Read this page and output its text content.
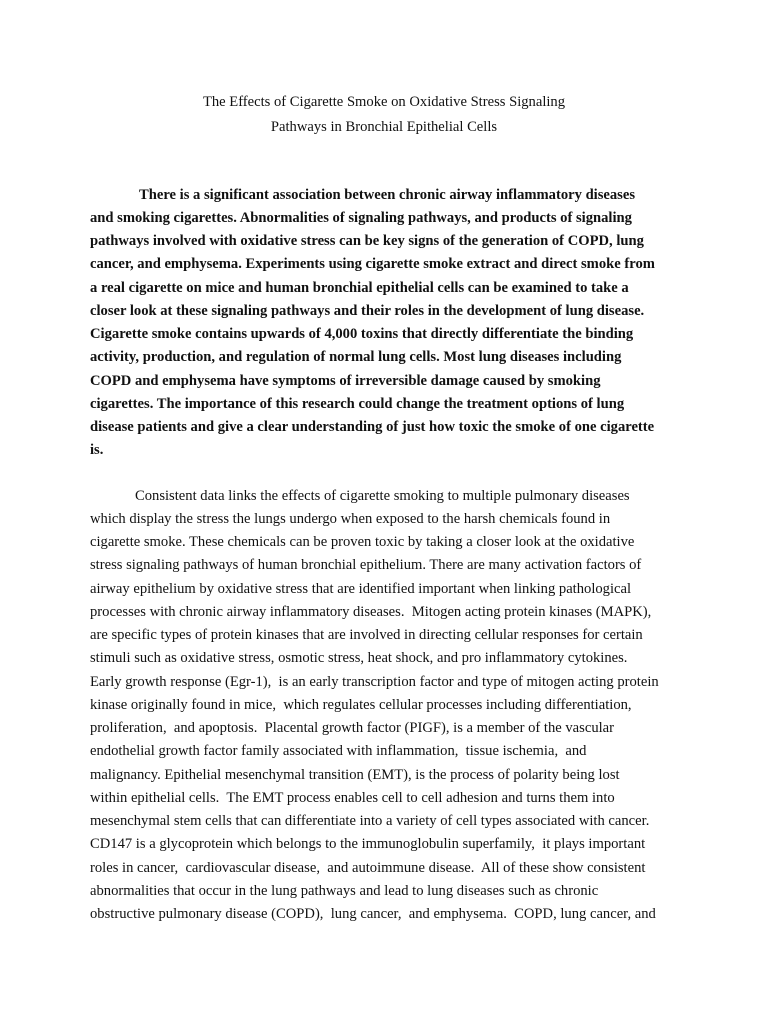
The Effects of Cigarette Smoke on Oxidative Stress Signaling
Pathways in Bronchial Epithelial Cells
There is a significant association between chronic airway inflammatory diseases
and smoking cigarettes. Abnormalities of signaling pathways, and products of signaling
pathways involved with oxidative stress can be key signs of the generation of COPD, lung
cancer, and emphysema. Experiments using cigarette smoke extract and direct smoke from
a real cigarette on mice and human bronchial epithelial cells can be examined to take a
closer look at these signaling pathways and their roles in the development of lung disease.
Cigarette smoke contains upwards of 4,000 toxins that directly differentiate the binding
activity, production, and regulation of normal lung cells. Most lung diseases including
COPD and emphysema have symptoms of irreversible damage caused by smoking
cigarettes. The importance of this research could change the treatment options of lung
disease patients and give a clear understanding of just how toxic the smoke of one cigarette
is.
Consistent data links the effects of cigarette smoking to multiple pulmonary diseases
which display the stress the lungs undergo when exposed to the harsh chemicals found in
cigarette smoke. These chemicals can be proven toxic by taking a closer look at the oxidative
stress signaling pathways of human bronchial epithelium. There are many activation factors of
airway epithelium by oxidative stress that are identified important when linking pathological
processes with chronic airway inflammatory diseases.  Mitogen acting protein kinases (MAPK),
are specific types of protein kinases that are involved in directing cellular responses for certain
stimuli such as oxidative stress, osmotic stress, heat shock, and pro inflammatory cytokines.
Early growth response (Egr-1),  is an early transcription factor and type of mitogen acting protein
kinase originally found in mice,  which regulates cellular processes including differentiation,
proliferation,  and apoptosis.  Placental growth factor (PIGF), is a member of the vascular
endothelial growth factor family associated with inflammation,  tissue ischemia,  and
malignancy. Epithelial mesenchymal transition (EMT), is the process of polarity being lost
within epithelial cells.  The EMT process enables cell to cell adhesion and turns them into
mesenchymal stem cells that can differentiate into a variety of cell types associated with cancer.
CD147 is a glycoprotein which belongs to the immunoglobulin superfamily,  it plays important
roles in cancer,  cardiovascular disease,  and autoimmune disease.  All of these show consistent
abnormalities that occur in the lung pathways and lead to lung diseases such as chronic
obstructive pulmonary disease (COPD),  lung cancer,  and emphysema.  COPD, lung cancer, and
